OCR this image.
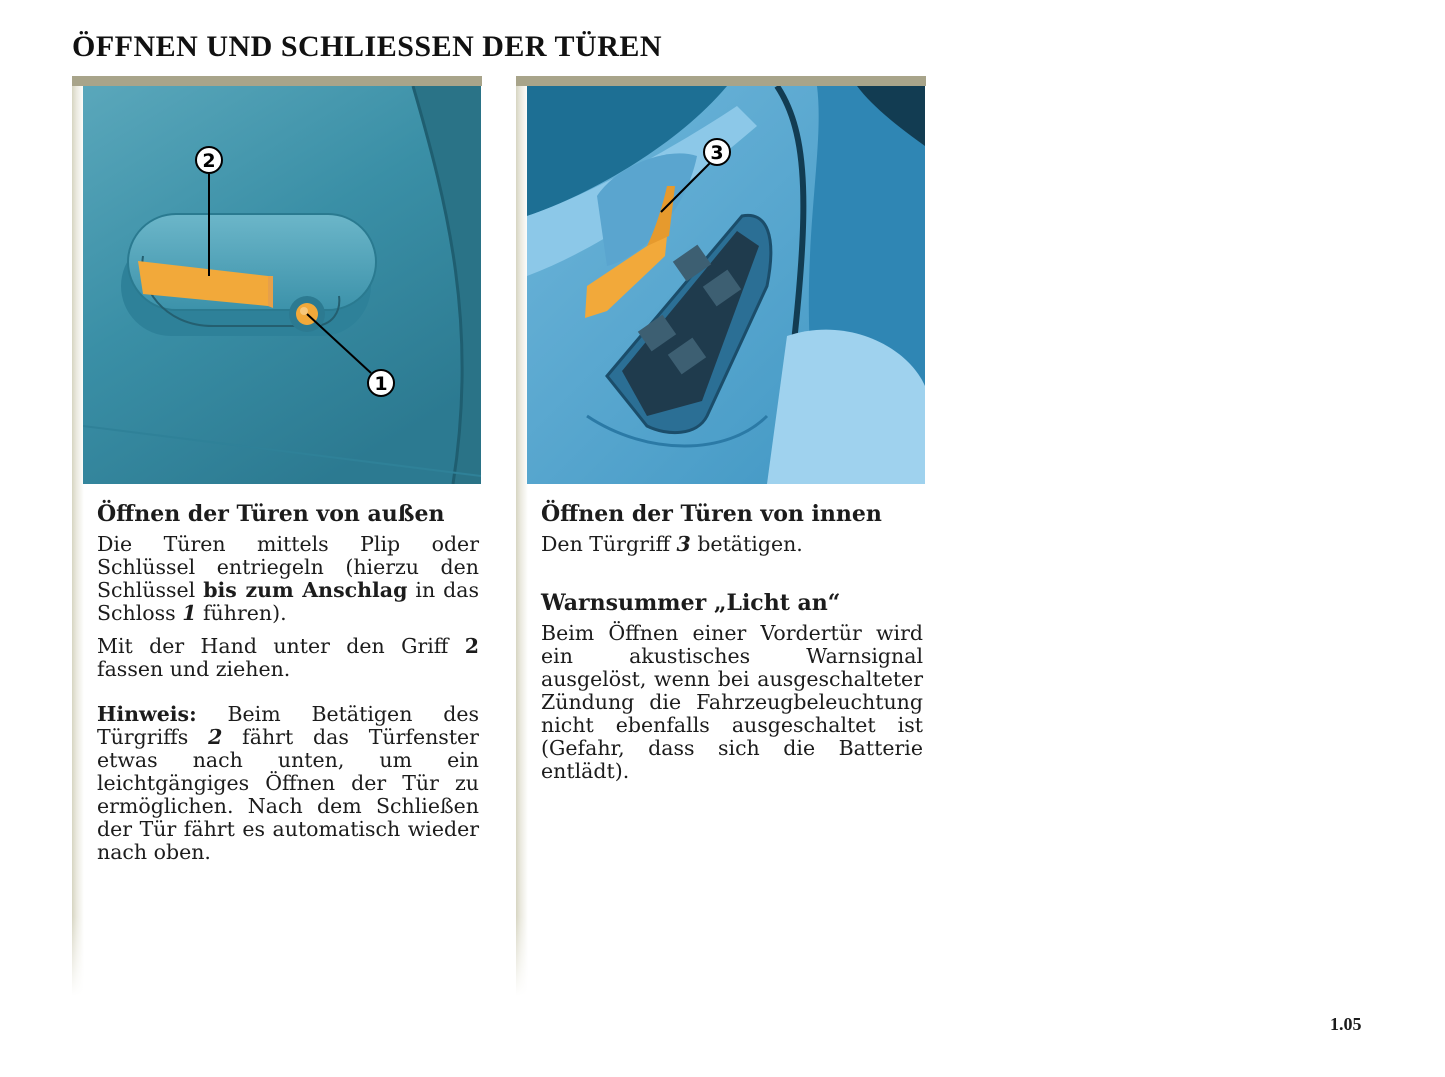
ÖFFNEN UND SCHLIESSEN DER TÜREN
2
1
Öffnen der Türen von außen

Die Türen mittels Plip oder Schlüssel entriegeln (hierzu den Schlüssel bis zum Anschlag in das Schloss 1 führen).

Mit der Hand unter den Griff 2 fassen und ziehen.

Hinweis: Beim Betätigen des Türgriffs 2 fährt das Türfenster etwas nach unten, um ein leichtgängiges Öffnen der Tür zu ermöglichen. Nach dem Schließen der Tür fährt es automatisch wieder nach oben.

3
Öffnen der Türen von innen

Den Türgriff 3 betätigen.

Warnsummer „Licht an“

Beim Öffnen einer Vordertür wird ein akustisches Warnsignal ausgelöst, wenn bei ausgeschalteter Zündung die Fahrzeugbeleuchtung nicht ebenfalls ausgeschaltet ist (Gefahr, dass sich die Batterie entlädt).

1.05
